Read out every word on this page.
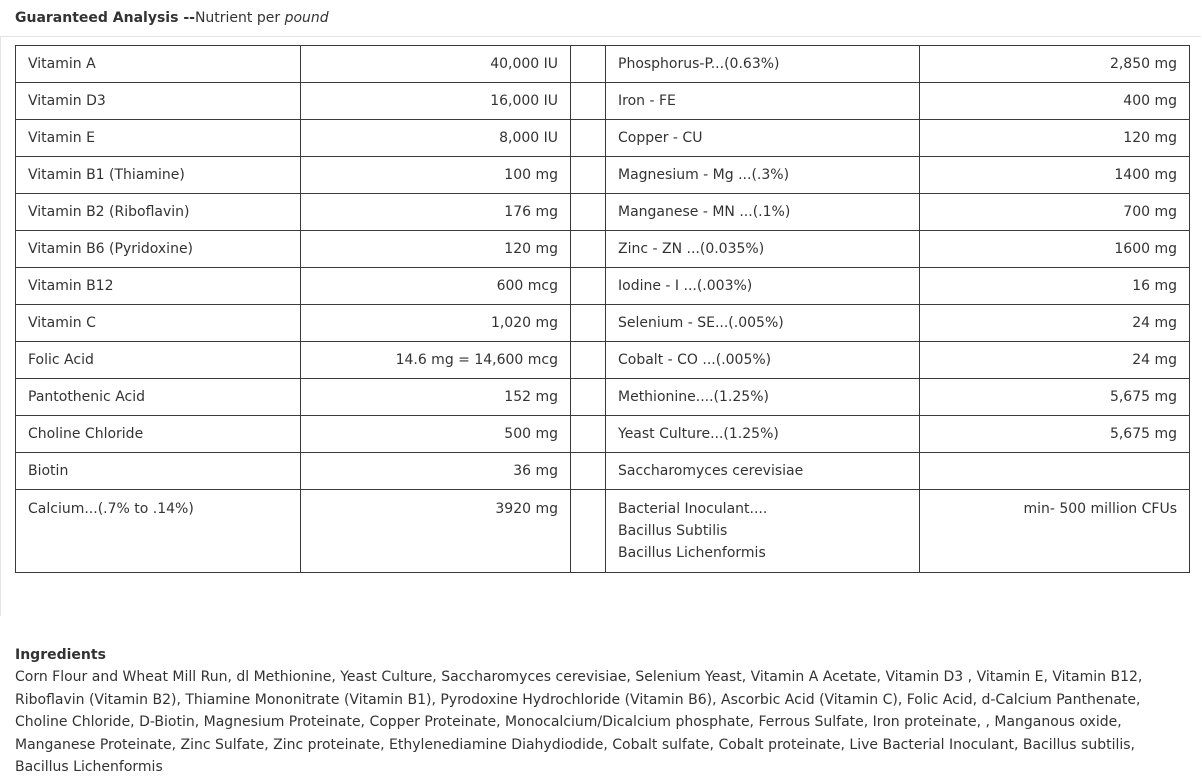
Guaranteed Analysis --Nutrient per pound
Vitamin A	40,000 IU		Phosphorus-P...(0.63%)	2,850 mg
Vitamin D3	16,000 IU		Iron - FE	400 mg
Vitamin E	8,000 IU		Copper - CU	120 mg
Vitamin B1 (Thiamine)	100 mg		Magnesium - Mg ...(.3%)	1400 mg
Vitamin B2 (Riboflavin)	176 mg		Manganese - MN ...(.1%)	700 mg
Vitamin B6 (Pyridoxine)	120 mg		Zinc - ZN ...(0.035%)	1600 mg
Vitamin B12	600 mcg		Iodine - I ...(.003%)	16 mg
Vitamin C	1,020 mg		Selenium - SE...(.005%)	24 mg
Folic Acid	14.6 mg = 14,600 mcg		Cobalt - CO ...(.005%)	24 mg
Pantothenic Acid	152 mg		Methionine....(1.25%)	5,675 mg
Choline Chloride	500 mg		Yeast Culture...(1.25%)	5,675 mg
Biotin	36 mg		Saccharomyces cerevisiae	
Calcium...(.7% to .14%)	3920 mg		Bacterial Inoculant....
Bacillus Subtilis
Bacillus Lichenformis	min- 500 million CFUs
Ingredients
Corn Flour and Wheat Mill Run, dl Methionine, Yeast Culture, Saccharomyces cerevisiae, Selenium Yeast, Vitamin A Acetate, Vitamin D3 , Vitamin E, Vitamin B12, Riboflavin (Vitamin B2), Thiamine Mononitrate (Vitamin B1), Pyrodoxine Hydrochloride (Vitamin B6), Ascorbic Acid (Vitamin C), Folic Acid, d-Calcium Panthenate, Choline Chloride, D-Biotin, Magnesium Proteinate, Copper Proteinate, Monocalcium/Dicalcium phosphate, Ferrous Sulfate, Iron proteinate, , Manganous oxide, Manganese Proteinate, Zinc Sulfate, Zinc proteinate, Ethylenediamine Diahydiodide, Cobalt sulfate, Cobalt proteinate, Live Bacterial Inoculant, Bacillus subtilis, Bacillus Lichenformis
